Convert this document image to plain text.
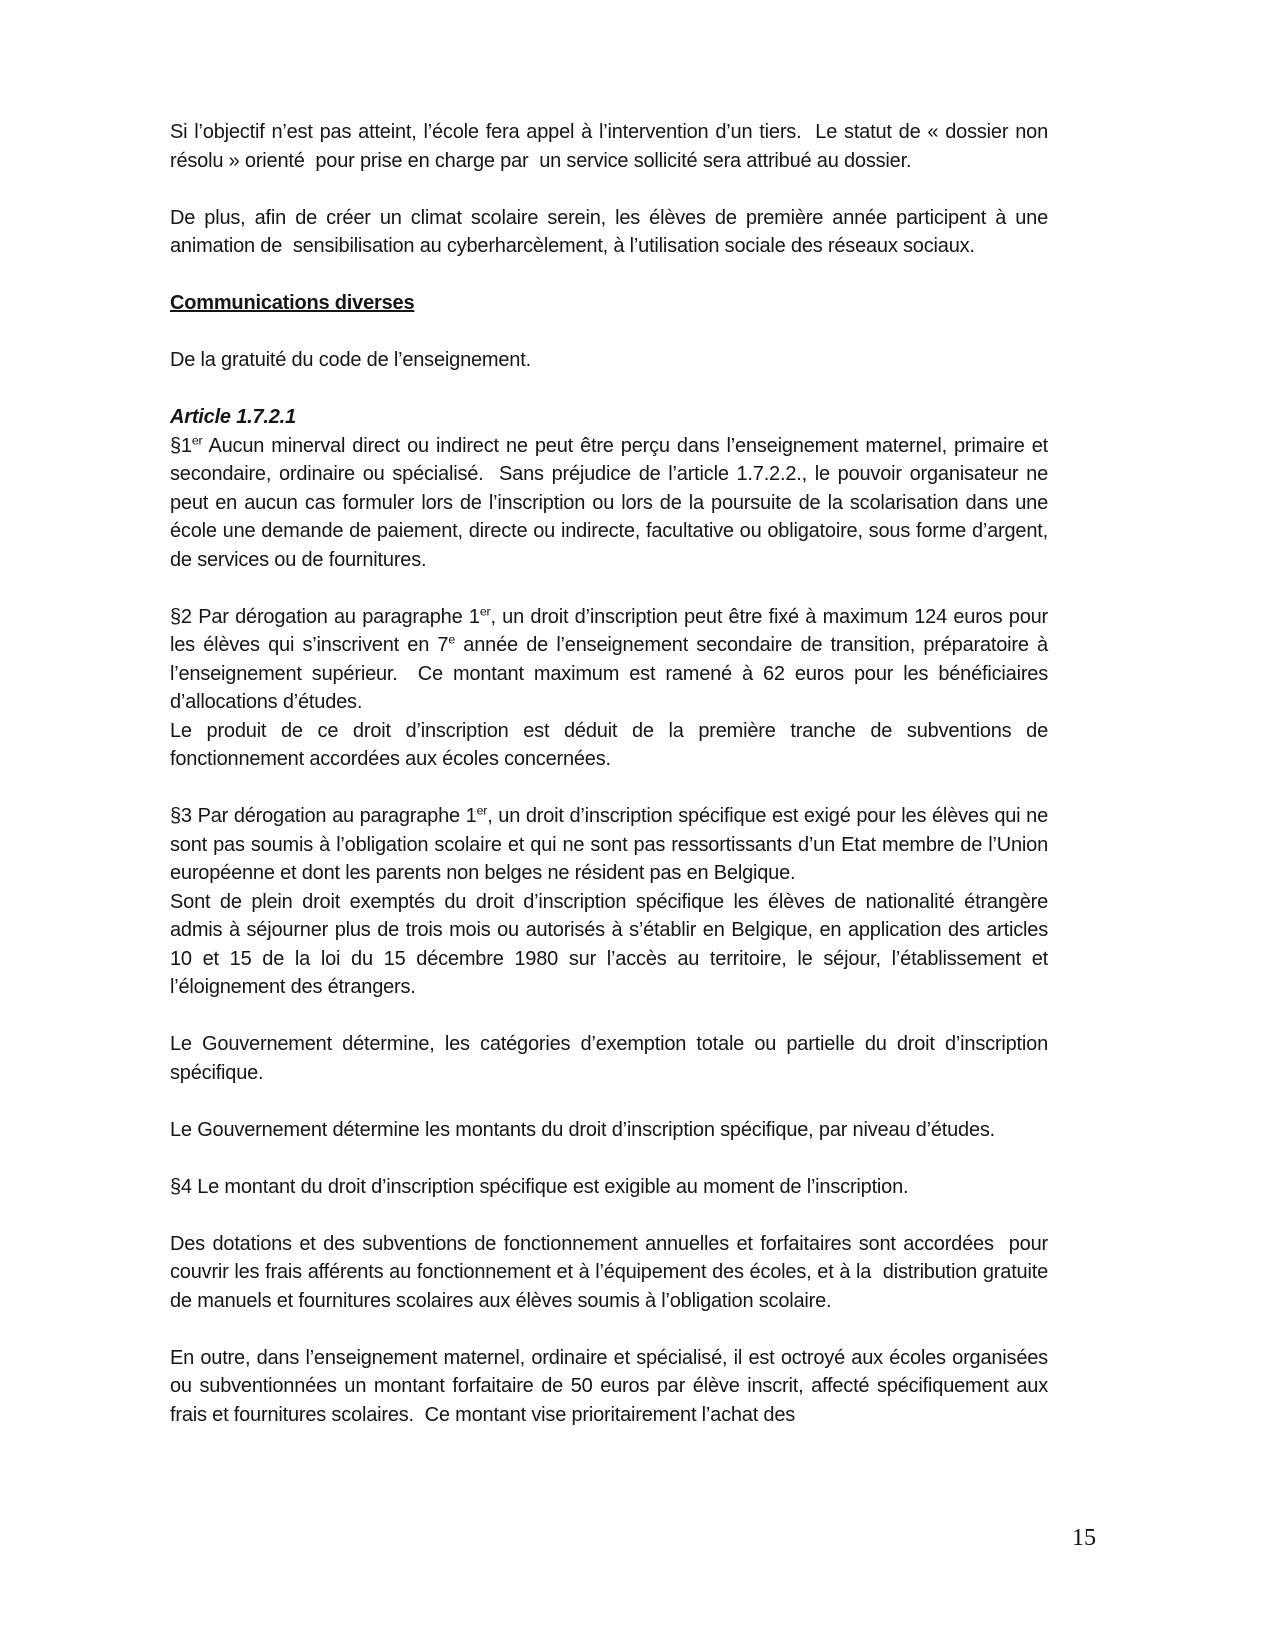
Si l’objectif n’est pas atteint, l’école fera appel à l’intervention d’un tiers.  Le statut de « dossier non résolu » orienté  pour prise en charge par  un service sollicité sera attribué au dossier.

De plus, afin de créer un climat scolaire serein, les élèves de première année participent à une animation de  sensibilisation au cyberharcèlement, à l’utilisation sociale des réseaux sociaux.

Communications diverses

De la gratuité du code de l’enseignement.

Article 1.7.2.1

§1er Aucun minerval direct ou indirect ne peut être perçu dans l’enseignement maternel, primaire et secondaire, ordinaire ou spécialisé.  Sans préjudice de l’article 1.7.2.2., le pouvoir organisateur ne peut en aucun cas formuler lors de l’inscription ou lors de la poursuite de la scolarisation dans une école une demande de paiement, directe ou indirecte, facultative ou obligatoire, sous forme d’argent, de services ou de fournitures.

§2 Par dérogation au paragraphe 1er, un droit d’inscription peut être fixé à maximum 124 euros pour les élèves qui s’inscrivent en 7e année de l’enseignement secondaire de transition, préparatoire à l’enseignement supérieur.  Ce montant maximum est ramené à 62 euros pour les bénéficiaires d’allocations d’études.

Le produit de ce droit d’inscription est déduit de la première tranche de subventions de fonctionnement accordées aux écoles concernées.

§3 Par dérogation au paragraphe 1er, un droit d’inscription spécifique est exigé pour les élèves qui ne sont pas soumis à l’obligation scolaire et qui ne sont pas ressortissants d’un Etat membre de l’Union européenne et dont les parents non belges ne résident pas en Belgique.

Sont de plein droit exemptés du droit d’inscription spécifique les élèves de nationalité étrangère admis à séjourner plus de trois mois ou autorisés à s’établir en Belgique, en application des articles 10 et 15 de la loi du 15 décembre 1980 sur l’accès au territoire, le séjour, l’établissement et l’éloignement des étrangers.

Le Gouvernement détermine, les catégories d’exemption totale ou partielle du droit d’inscription spécifique.

Le Gouvernement détermine les montants du droit d’inscription spécifique, par niveau d’études.

§4 Le montant du droit d’inscription spécifique est exigible au moment de l’inscription.

Des dotations et des subventions de fonctionnement annuelles et forfaitaires sont accordées  pour couvrir les frais afférents au fonctionnement et à l’équipement des écoles, et à la  distribution gratuite de manuels et fournitures scolaires aux élèves soumis à l’obligation scolaire.

En outre, dans l’enseignement maternel, ordinaire et spécialisé, il est octroyé aux écoles organisées ou subventionnées un montant forfaitaire de 50 euros par élève inscrit, affecté spécifiquement aux frais et fournitures scolaires.  Ce montant vise prioritairement l’achat des

15
